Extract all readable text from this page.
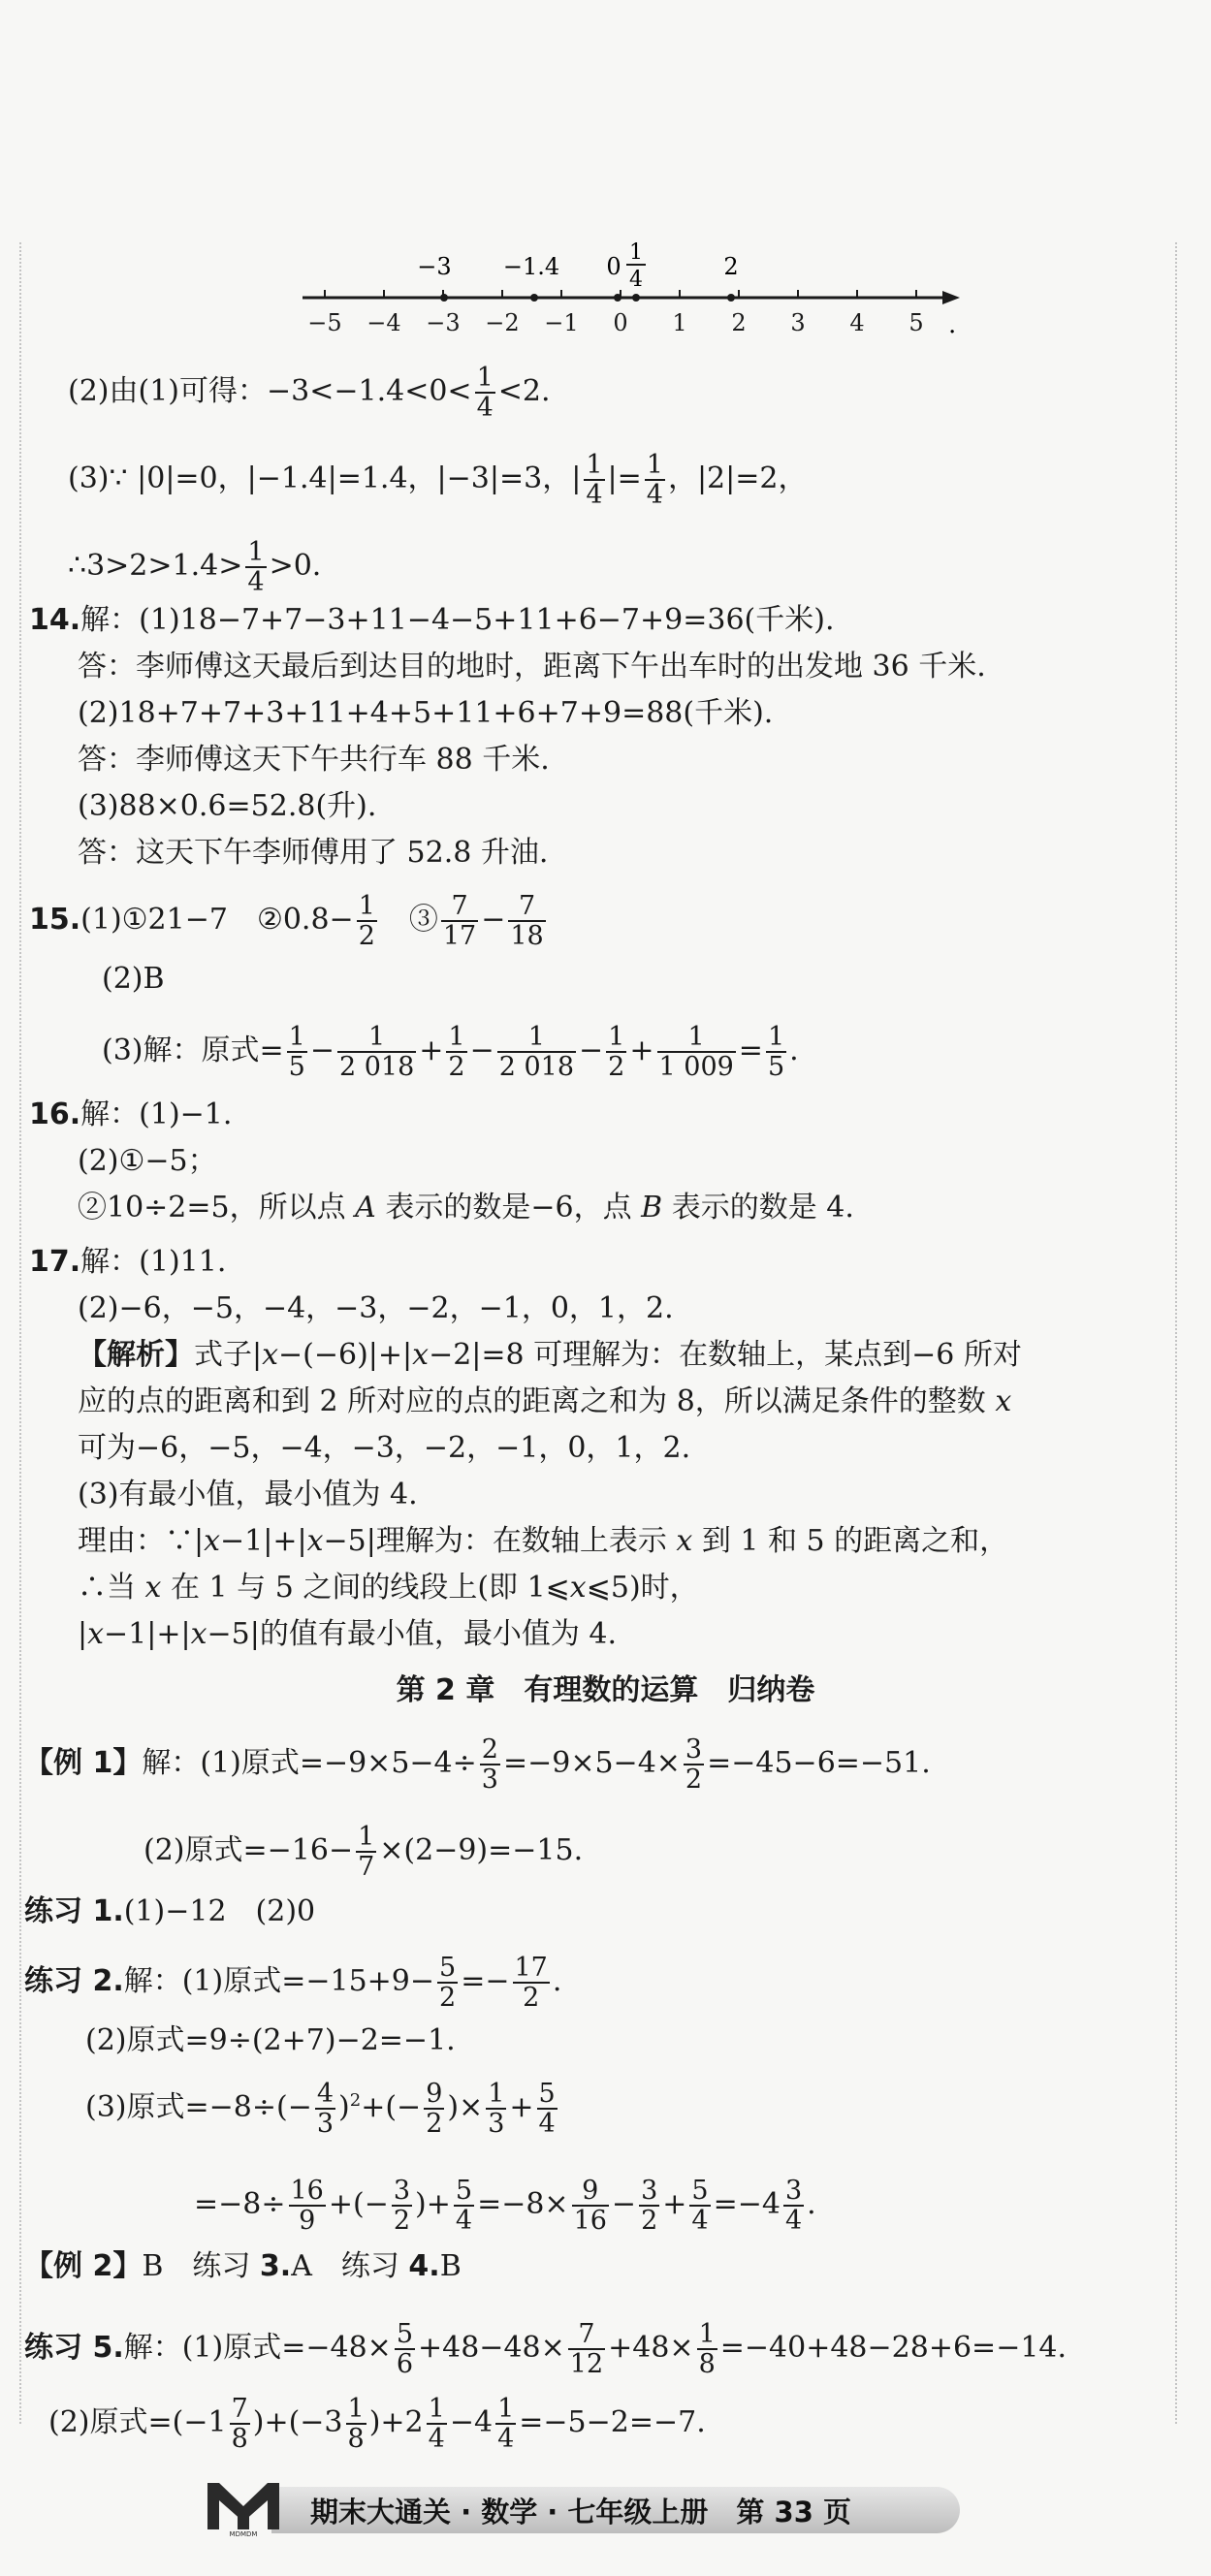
−5 −4 −3 −2 −1 0 1 2 3 4 5 .
−3 −1.4 0
1
4	2
(2)由(1)可得：$-3<-1.4<0< \frac{1}{4} <2$.
(3)∵ |0|=0，|−1.4|=1.4，|−3|=3，| $\frac{1}{4}$ |= $\frac{1}{4}$ ，|2|=2，
∴3>2>1.4> $\frac{1}{4} >0$.
14.解：(1)18−7+7−3+11−4−5+11+6−7+9=36(千米).
答：李师傅这天最后到达目的地时，距离下午出车时的出发地 36 千米.
(2)18+7+7+3+11+4+5+11+6+7+9=88(千米).
答：李师傅这天下午共行车 88 千米.
(3)88×0.6=52.8(升).
答：这天下午李师傅用了 52.8 升油.
15.(1)①21−7　②0.8− $\frac{1}{2}$ 　③ $\frac{7}{17} - \frac{7}{18}$
(2)B
(3)解：原式= $\frac{1}{5} - \frac{1}{2 018} + \frac{1}{2} - \frac{1}{2 018} - \frac{1}{2} + \frac{1}{1 009} = \frac{1}{5}$ .
16.解：(1)−1.
(2)①−5；
②10÷2=5，所以点 A 表示的数是−6，点 B 表示的数是 4.
17.解：(1)11.
(2)−6，−5，−4，−3，−2，−1，0，1，2.
【解析】式子|x−(−6)|+|x−2|=8 可理解为：在数轴上，某点到−6 所对
应的点的距离和到 2 所对应的点的距离之和为 8，所以满足条件的整数 x
可为−6，−5，−4，−3，−2，−1，0，1，2.
(3)有最小值，最小值为 4.
理由：∵|x−1|+|x−5|理解为：在数轴上表示 x 到 1 和 5 的距离之和，
∴当 x 在 1 与 5 之间的线段上(即 1⩽x⩽5)时，
|x−1|+|x−5|的值有最小值，最小值为 4.
第 2 章　有理数的运算　归纳卷
【例 1】解：(1)原式$=-9\times 5-4\div \frac{2}{3} =-9\times 5-4\times \frac{3}{2} =-45-6=-51$.
(2)原式$=-16- \frac{1}{7} \times(2-9)=-15$.
练习 1.(1)−12　(2)0
练习 2.解：(1)原式$=-15+9- \frac{5}{2} =- \frac{17}{2}$ .
(2)原式=9÷(2+7)−2=−1.
(3)原式$=-8\div(- \frac{4}{3} )^2+(- \frac{9}{2}$ )× $\frac{1}{3} + \frac{5}{4}$
$=-8\div \frac{16}{9}$ +(− $\frac{3}{2}$ )+ $\frac{5}{4} =-8\times \frac{9}{16} - \frac{3}{2} + \frac{5}{4} =-4 \frac{3}{4}$ .
【例 2】B　练习 3.A　练习 4.B
练习 5.解：(1)原式$=-48\times \frac{5}{6} +48-48\times \frac{7}{12} +48\times \frac{1}{8} =-40+48-28+6=-14$.
(2)原式$=(-1 \frac{7}{8} )+(-3 \frac{1}{8} )+2 \frac{1}{4} -4 \frac{1}{4} =-5-2=-7$.
MDMDM
期末大通关 · 数学 · 七年级上册　第 33 页
